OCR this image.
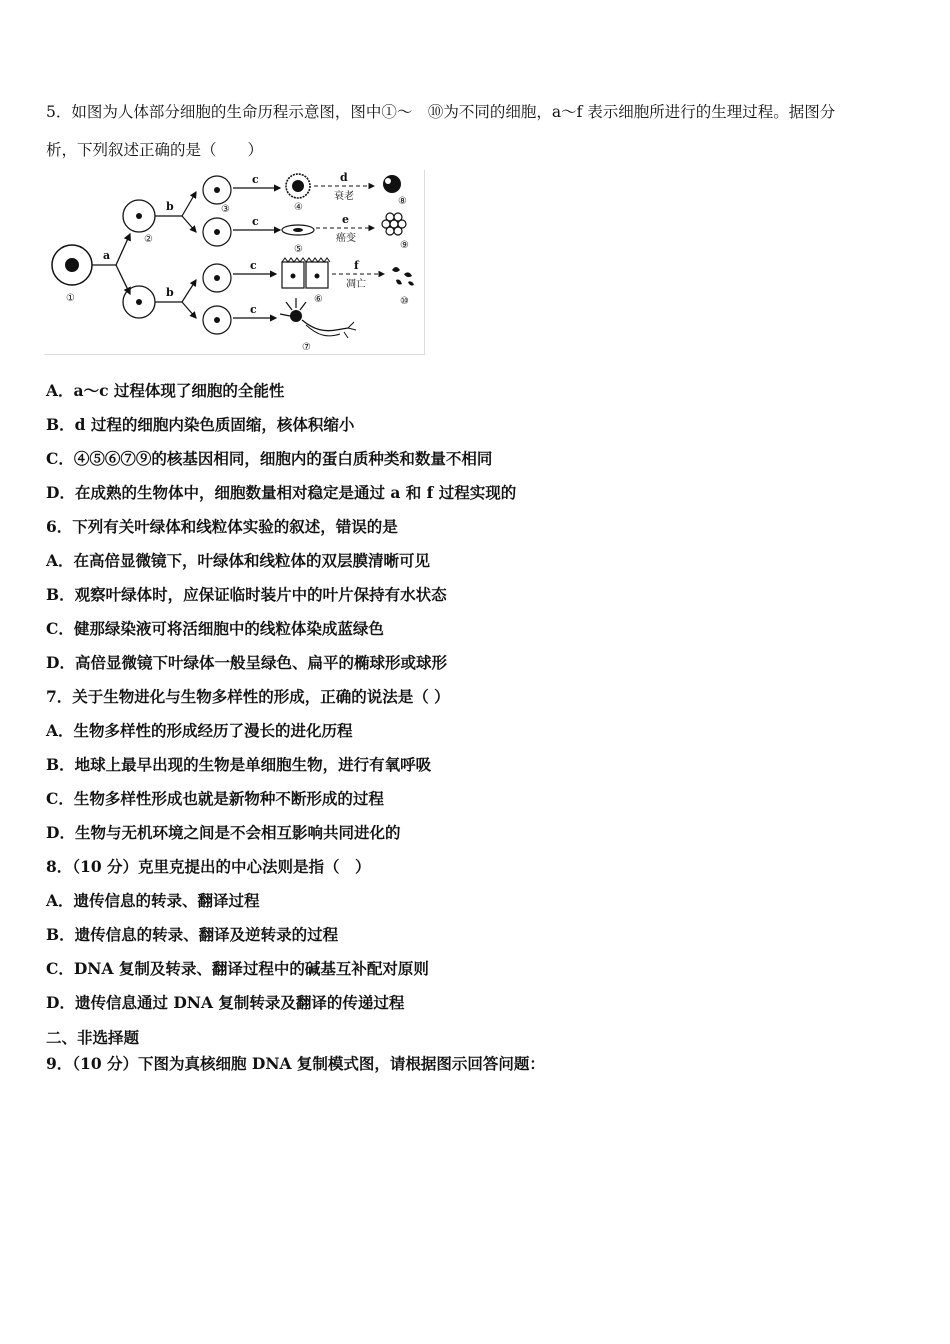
5．如图为人体部分细胞的生命历程示意图，图中①～　⑩为不同的细胞，a～f 表示细胞所进行的生理过程。据图分
析，下列叙述正确的是（　　）
①
a
②
b
b
③
c
c
c
c
④
⑤
⑥
⑦
d
衰老
e
癌变
f
凋亡
⑧
⑨
⑩
A．a～c 过程体现了细胞的全能性
B．d 过程的细胞内染色质固缩，核体积缩小
C．④⑤⑥⑦⑨的核基因相同，细胞内的蛋白质种类和数量不相同
D．在成熟的生物体中，细胞数量相对稳定是通过 a 和 f 过程实现的
6．下列有关叶绿体和线粒体实验的叙述，错误的是
A．在高倍显微镜下，叶绿体和线粒体的双层膜清晰可见
B．观察叶绿体时，应保证临时装片中的叶片保持有水状态
C．健那绿染液可将活细胞中的线粒体染成蓝绿色
D．高倍显微镜下叶绿体一般呈绿色、扁平的椭球形或球形
7．关于生物进化与生物多样性的形成，正确的说法是（ ）
A．生物多样性的形成经历了漫长的进化历程
B．地球上最早出现的生物是单细胞生物，进行有氧呼吸
C．生物多样性形成也就是新物种不断形成的过程
D．生物与无机环境之间是不会相互影响共同进化的
8．（10 分）克里克提出的中心法则是指（　）
A．遗传信息的转录、翻译过程
B．遗传信息的转录、翻译及逆转录的过程
C．DNA 复制及转录、翻译过程中的碱基互补配对原则
D．遗传信息通过 DNA 复制转录及翻译的传递过程
二、非选择题
9．（10 分）下图为真核细胞 DNA 复制模式图，请根据图示回答问题：
